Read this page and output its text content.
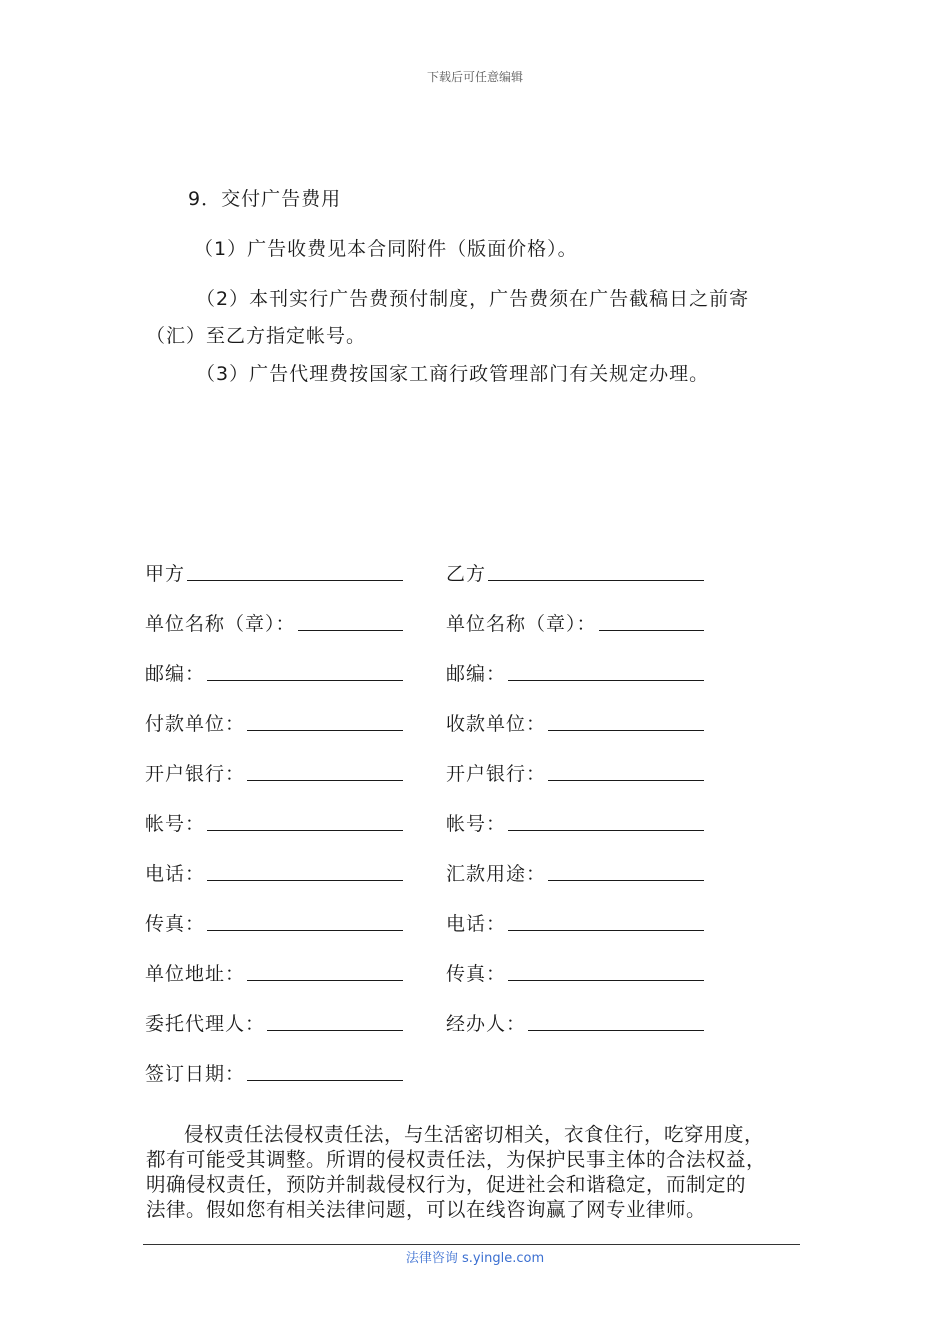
下载后可任意编辑
9．交付广告费用
（1）广告收费见本合同附件（版面价格）。
（2）本刊实行广告费预付制度，广告费须在广告截稿日之前寄
（汇）至乙方指定帐号。
（3）广告代理费按国家工商行政管理部门有关规定办理。
甲方
单位名称（章）：
邮编：
付款单位：
开户银行：
帐号：
电话：
传真：
单位地址：
委托代理人：
签订日期：
乙方
单位名称（章）：
邮编：
收款单位：
开户银行：
帐号：
汇款用途：
电话：
传真：
经办人：
侵权责任法侵权责任法，与生活密切相关，衣食住行，吃穿用度，
都有可能受其调整。所谓的侵权责任法，为保护民事主体的合法权益，
明确侵权责任，预防并制裁侵权行为，促进社会和谐稳定，而制定的
法律。假如您有相关法律问题，可以在线咨询赢了网专业律师。
法律咨询 s.yingle.com
